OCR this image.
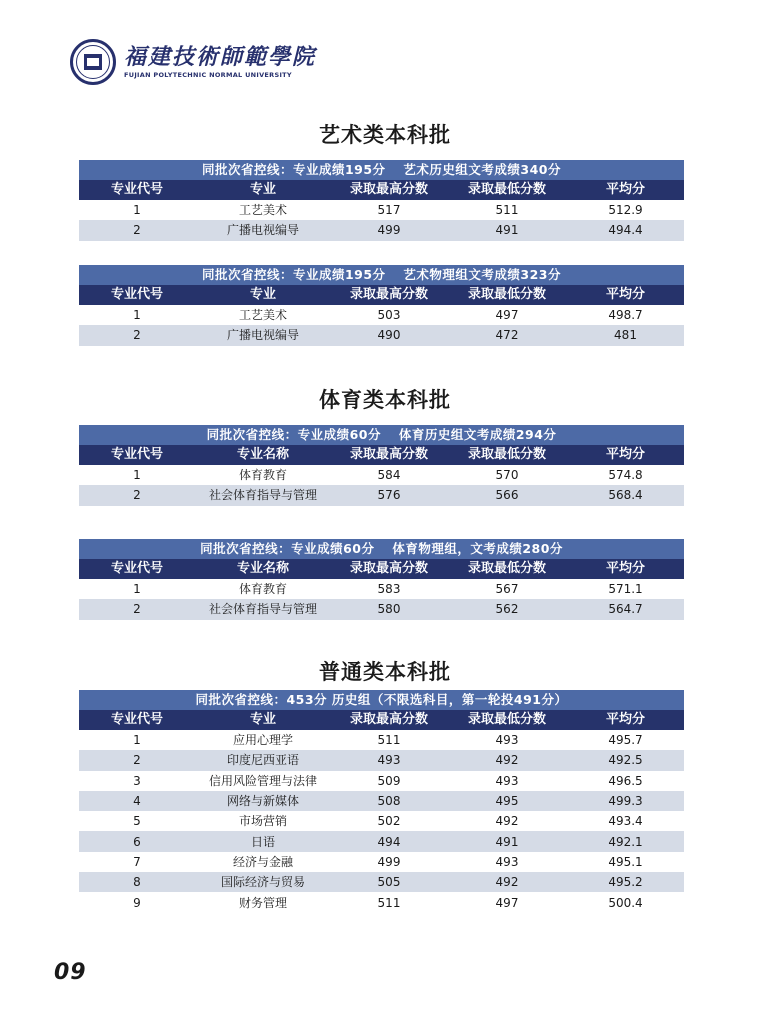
福建技術師範學院
FUJIAN POLYTECHNIC NORMAL UNIVERSITY
艺术类本科批
同批次省控线：专业成绩195分　 艺术历史组文考成绩340分
专业代号	专业	录取最高分数	录取最低分数	平均分
1	工艺美术	517	511	512.9
2	广播电视编导	499	491	494.4
同批次省控线：专业成绩195分　 艺术物理组文考成绩323分
专业代号	专业	录取最高分数	录取最低分数	平均分
1	工艺美术	503	497	498.7
2	广播电视编导	490	472	481
体育类本科批
同批次省控线：专业成绩60分　 体育历史组文考成绩294分
专业代号	专业名称	录取最高分数	录取最低分数	平均分
1	体育教育	584	570	574.8
2	社会体育指导与管理	576	566	568.4
同批次省控线：专业成绩60分　 体育物理组，文考成绩280分
专业代号	专业名称	录取最高分数	录取最低分数	平均分
1	体育教育	583	567	571.1
2	社会体育指导与管理	580	562	564.7
普通类本科批
同批次省控线：453分 历史组（不限选科目，第一轮投491分）
专业代号	专业	录取最高分数	录取最低分数	平均分
1	应用心理学	511	493	495.7
2	印度尼西亚语	493	492	492.5
3	信用风险管理与法律	509	493	496.5
4	网络与新媒体	508	495	499.3
5	市场营销	502	492	493.4
6	日语	494	491	492.1
7	经济与金融	499	493	495.1
8	国际经济与贸易	505	492	495.2
9	财务管理	511	497	500.4
09
